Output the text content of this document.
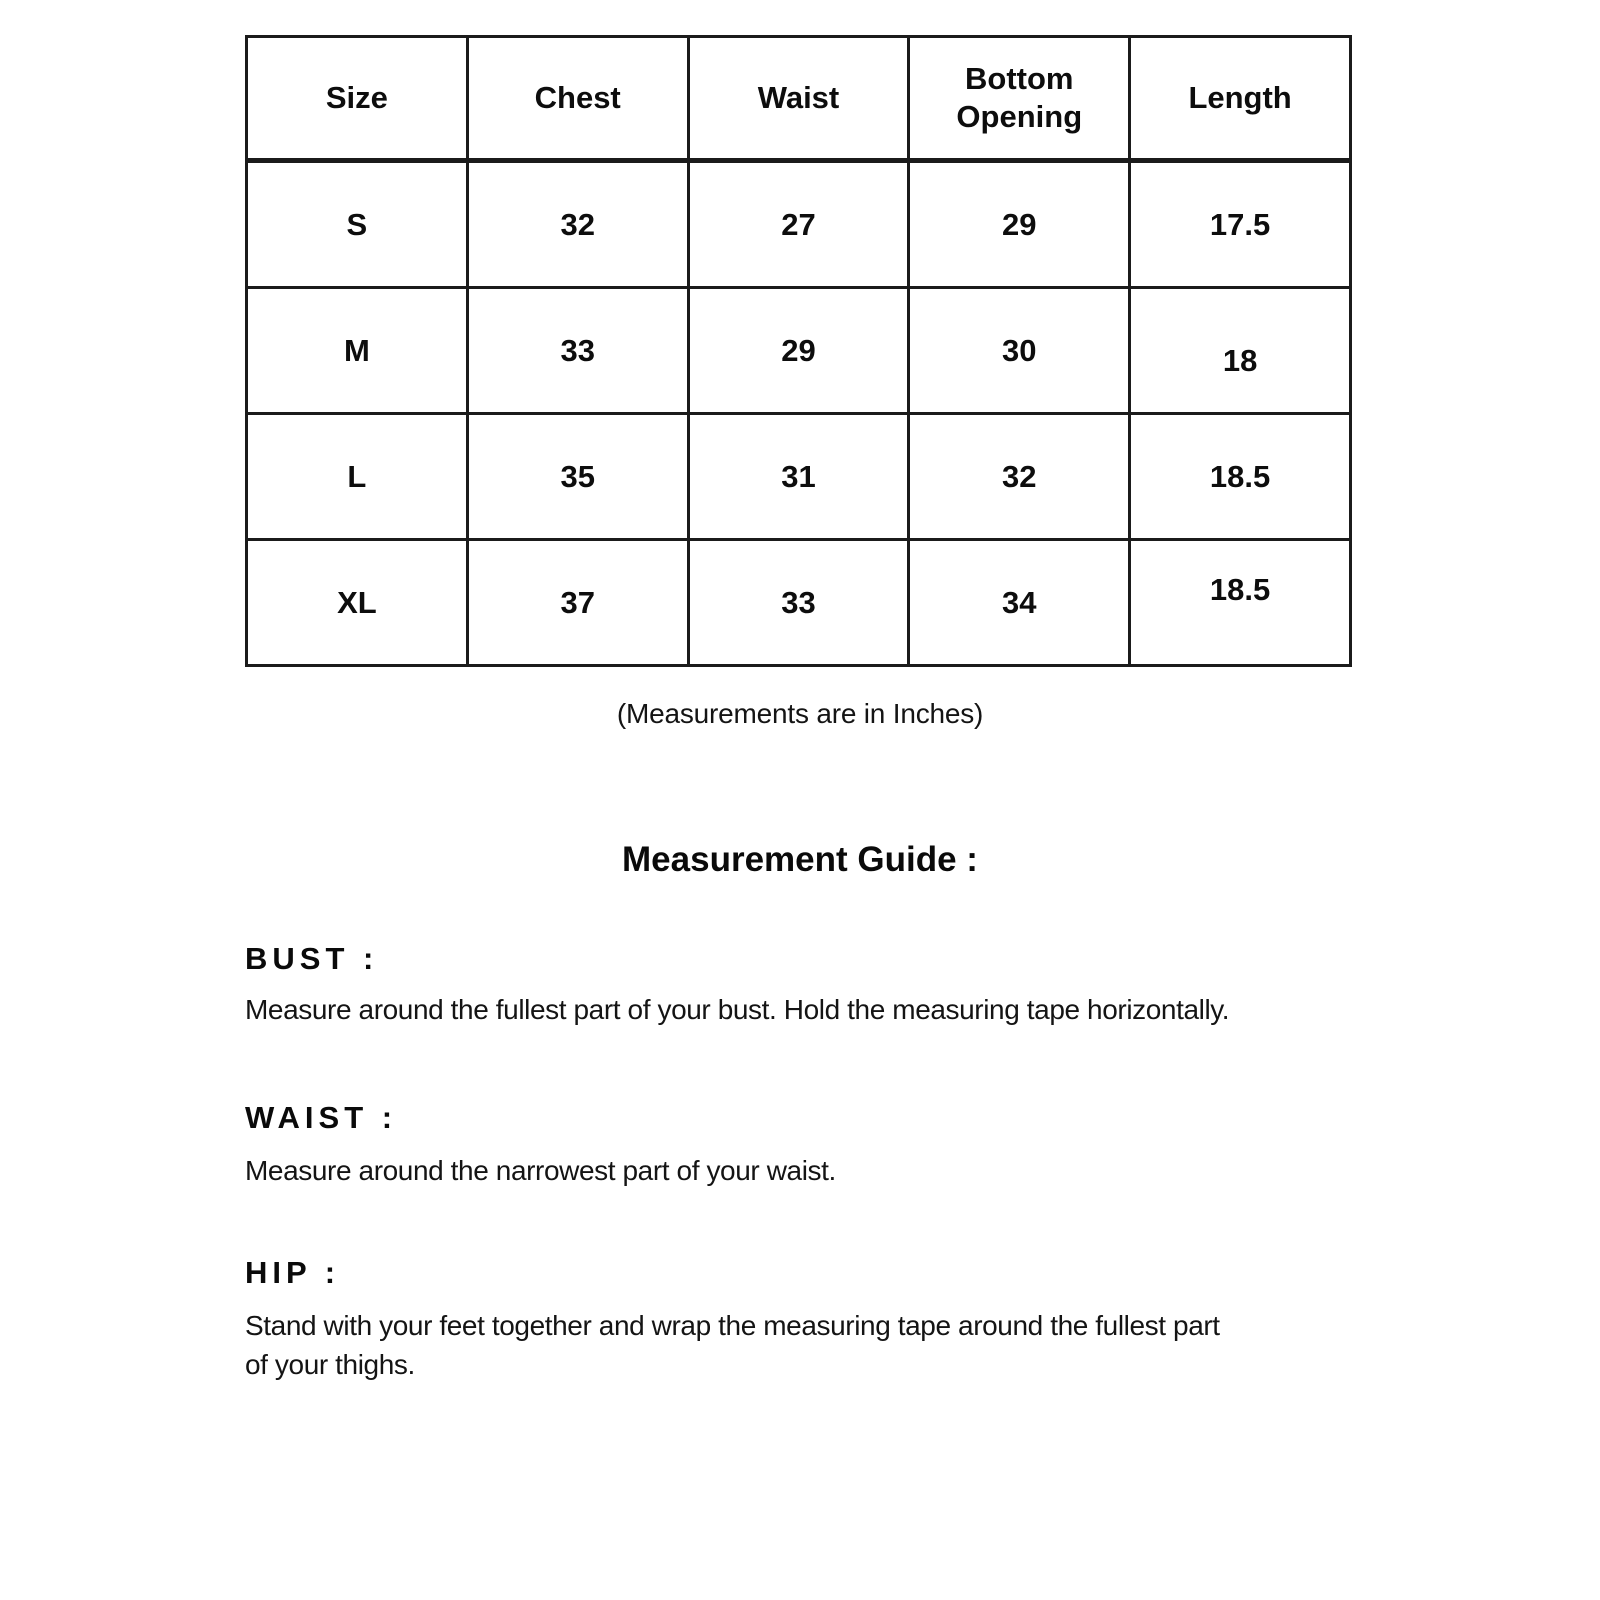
Size	Chest	Waist	Bottom Opening	Length
S	32	27	29	17.5
M	33	29	30	18
L	35	31	32	18.5
XL	37	33	34	18.5
(Measurements are in Inches)
Measurement Guide :
BUST :

Measure around the fullest part of your bust. Hold the measuring tape horizontally.

WAIST :

Measure around the narrowest part of your waist.

HIP :

Stand with your feet together and wrap the measuring tape around the fullest part
of your thighs.
